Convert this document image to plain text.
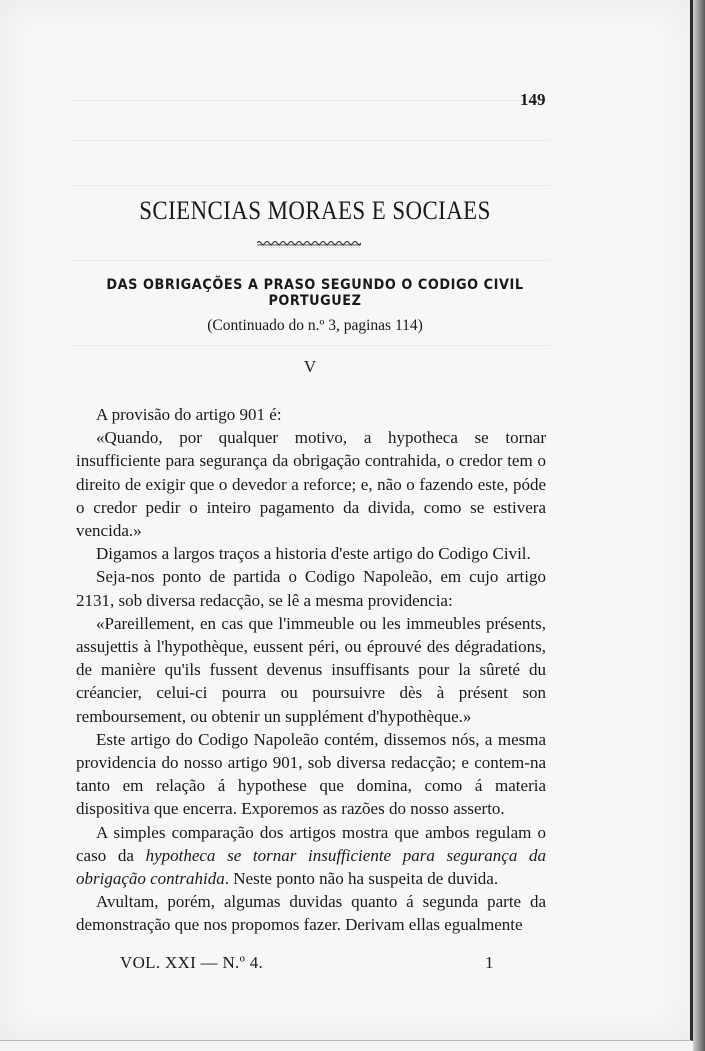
149
SCIENCIAS MORAES E SOCIAES
DAS OBRIGAÇÕES A PRASO SEGUNDO O CODIGO CIVIL PORTUGUEZ
(Continuado do n.º 3, paginas 114)
V

A provisão do artigo 901 é:

«Quando, por qualquer motivo, a hypotheca se tornar insufficiente para segurança da obrigação contrahida, o credor tem o direito de exigir que o devedor a reforce; e, não o fazendo este, póde o credor pedir o inteiro pagamento da divida, como se estivera vencida.»

Digamos a largos traços a historia d'este artigo do Codigo Civil.

Seja-nos ponto de partida o Codigo Napoleão, em cujo artigo 2131, sob diversa redacção, se lê a mesma providencia:

«Pareillement, en cas que l'immeuble ou les immeubles présents, assujettis à l'hypothèque, eussent péri, ou éprouvé des dégradations, de manière qu'ils fussent devenus insuffisants pour la sûreté du créancier, celui-ci pourra ou poursuivre dès à présent son remboursement, ou obtenir un supplément d'hypothèque.»

Este artigo do Codigo Napoleão contém, dissemos nós, a mesma providencia do nosso artigo 901, sob diversa redacção; e contem-na tanto em relação á hypothese que domina, como á materia dispositiva que encerra. Exporemos as razões do nosso asserto.

A simples comparação dos artigos mostra que ambos regulam o caso da hypotheca se tornar insufficiente para segurança da obrigação contrahida. Neste ponto não ha suspeita de duvida.

Avultam, porém, algumas duvidas quanto á segunda parte da demonstração que nos propomos fazer. Derivam ellas egualmente

VOL. XXI — N.º 4.	1
